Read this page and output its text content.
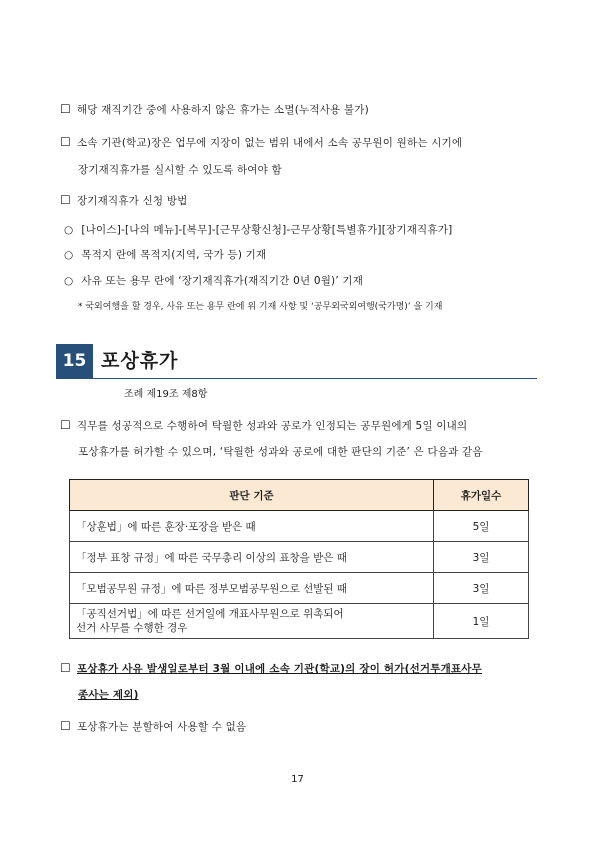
☐ 해당 재직기간 중에 사용하지 않은 휴가는 소멸(누적사용 불가)
☐ 소속 기관(학교)장은 업무에 지장이 없는 범위 내에서 소속 공무원이 원하는 시기에
장기재직휴가를 실시할 수 있도록 하여야 함
☐ 장기재직휴가 신청 방법
○ [나이스]-[나의 메뉴]-[복무]-[근무상황신청]-근무상황[특별휴가][장기재직휴가]
○ 목적지 란에 목적지(지역, 국가 등) 기재
○ 사유 또는 용무 란에 ‘장기재직휴가(재직기간 0년 0월)’ 기재
* 국외여행을 할 경우, 사유 또는 용무 란에 위 기재 사항 및 ‘공무외국외여행(국가명)’ 을 기재
15 포상휴가
조례 제19조 제8항
☐ 직무를 성공적으로 수행하여 탁월한 성과와 공로가 인정되는 공무원에게 5일 이내의
포상휴가를 허가할 수 있으며, ‘탁월한 성과와 공로에 대한 판단의 기준’ 은 다음과 같음
판단 기준	휴가일수
「상훈법」에 따른 훈장·포장을 받은 때	5일
「정부 표창 규정」에 따른 국무총리 이상의 표창을 받은 때	3일
「모범공무원 규정」에 따른 정부모범공무원으로 선발된 때	3일

「공직선거법」에 따른 선거일에 개표사무원으로 위촉되어
선거 사무를 수행한 경우	1일
☐ 포상휴가 사유 발생일로부터 3월 이내에 소속 기관(학교)의 장이 허가(선거투개표사무
종사는 제외)
☐ 포상휴가는 분할하여 사용할 수 없음
17
